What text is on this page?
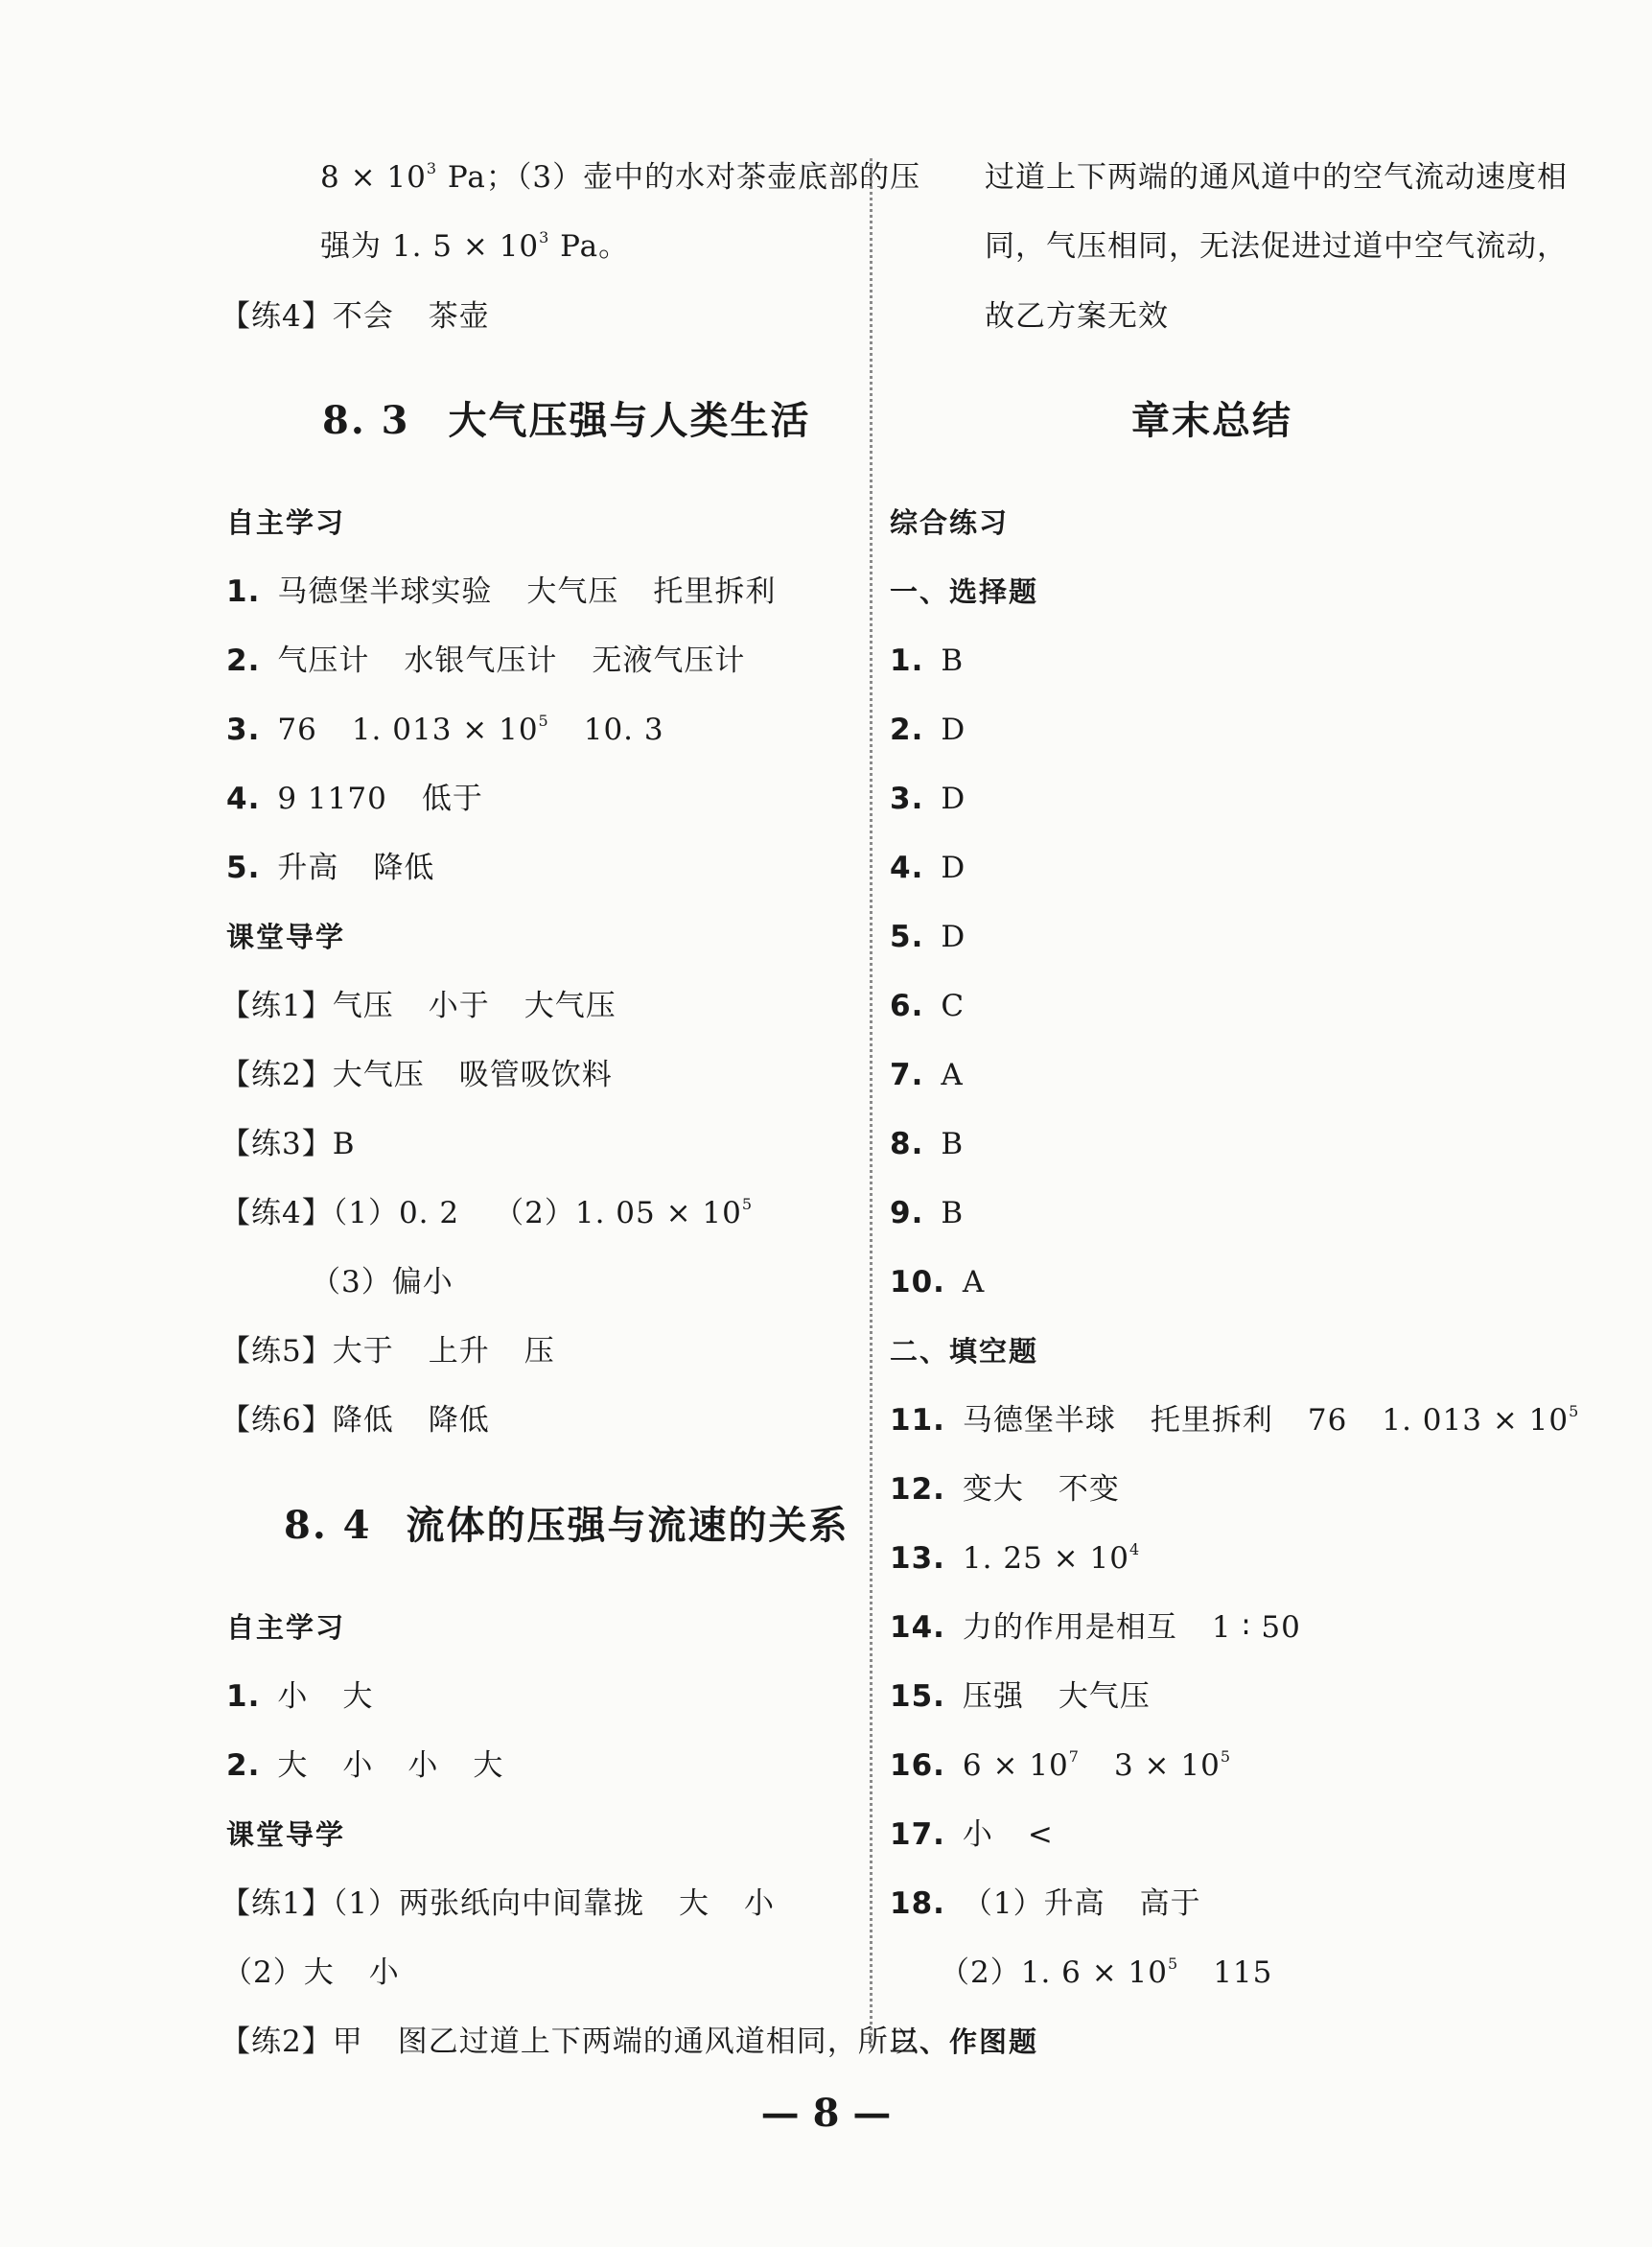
$8 \times 10^3$ Pa；（3）壶中的水对茶壶底部的压
强为 1. $5 \times 10^3$ Pa。
【练4】不会 茶壶
8. 3 大气压强与人类生活
自主学习
1. 马德堡半球实验 大气压 托里拆利
2. 气压计 水银气压计 无液气压计
3. 76 1. $013 \times 10^5$ 10. 3
4. 9 1170 低于
5. 升高 降低
课堂导学
【练1】气压 小于 大气压
【练2】大气压 吸管吸饮料
【练3】B
【练4】（1）0. 2 （2）1. $05 \times 10^5$
（3）偏小
【练5】大于 上升 压
【练6】降低 降低
8. 4 流体的压强与流速的关系
自主学习
1. 小 大
2. 大 小 小 大
课堂导学
【练1】（1）两张纸向中间靠拢 大 小
（2）大 小
【练2】甲 图乙过道上下两端的通风道相同，所以
过道上下两端的通风道中的空气流动速度相
同，气压相同，无法促进过道中空气流动，
故乙方案无效
章末总结
综合练习
一、选择题
1. B
2. D
3. D
4. D
5. D
6. C
7. A
8. B
9. B
10. A
二、填空题
11. 马德堡半球 托里拆利 76 1. $013 \times 10^5$
12. 变大 不变
13. 1. $25 \times 10^4$
14. 力的作用是相互 1 ∶ 50
15. 压强 大气压
16. $6 \times 10^7$ $3 \times 10^5$
17. 小 <
18. （1）升高 高于
（2）1. $6 \times 10^5$ 115
三、作图题
— 8 —
